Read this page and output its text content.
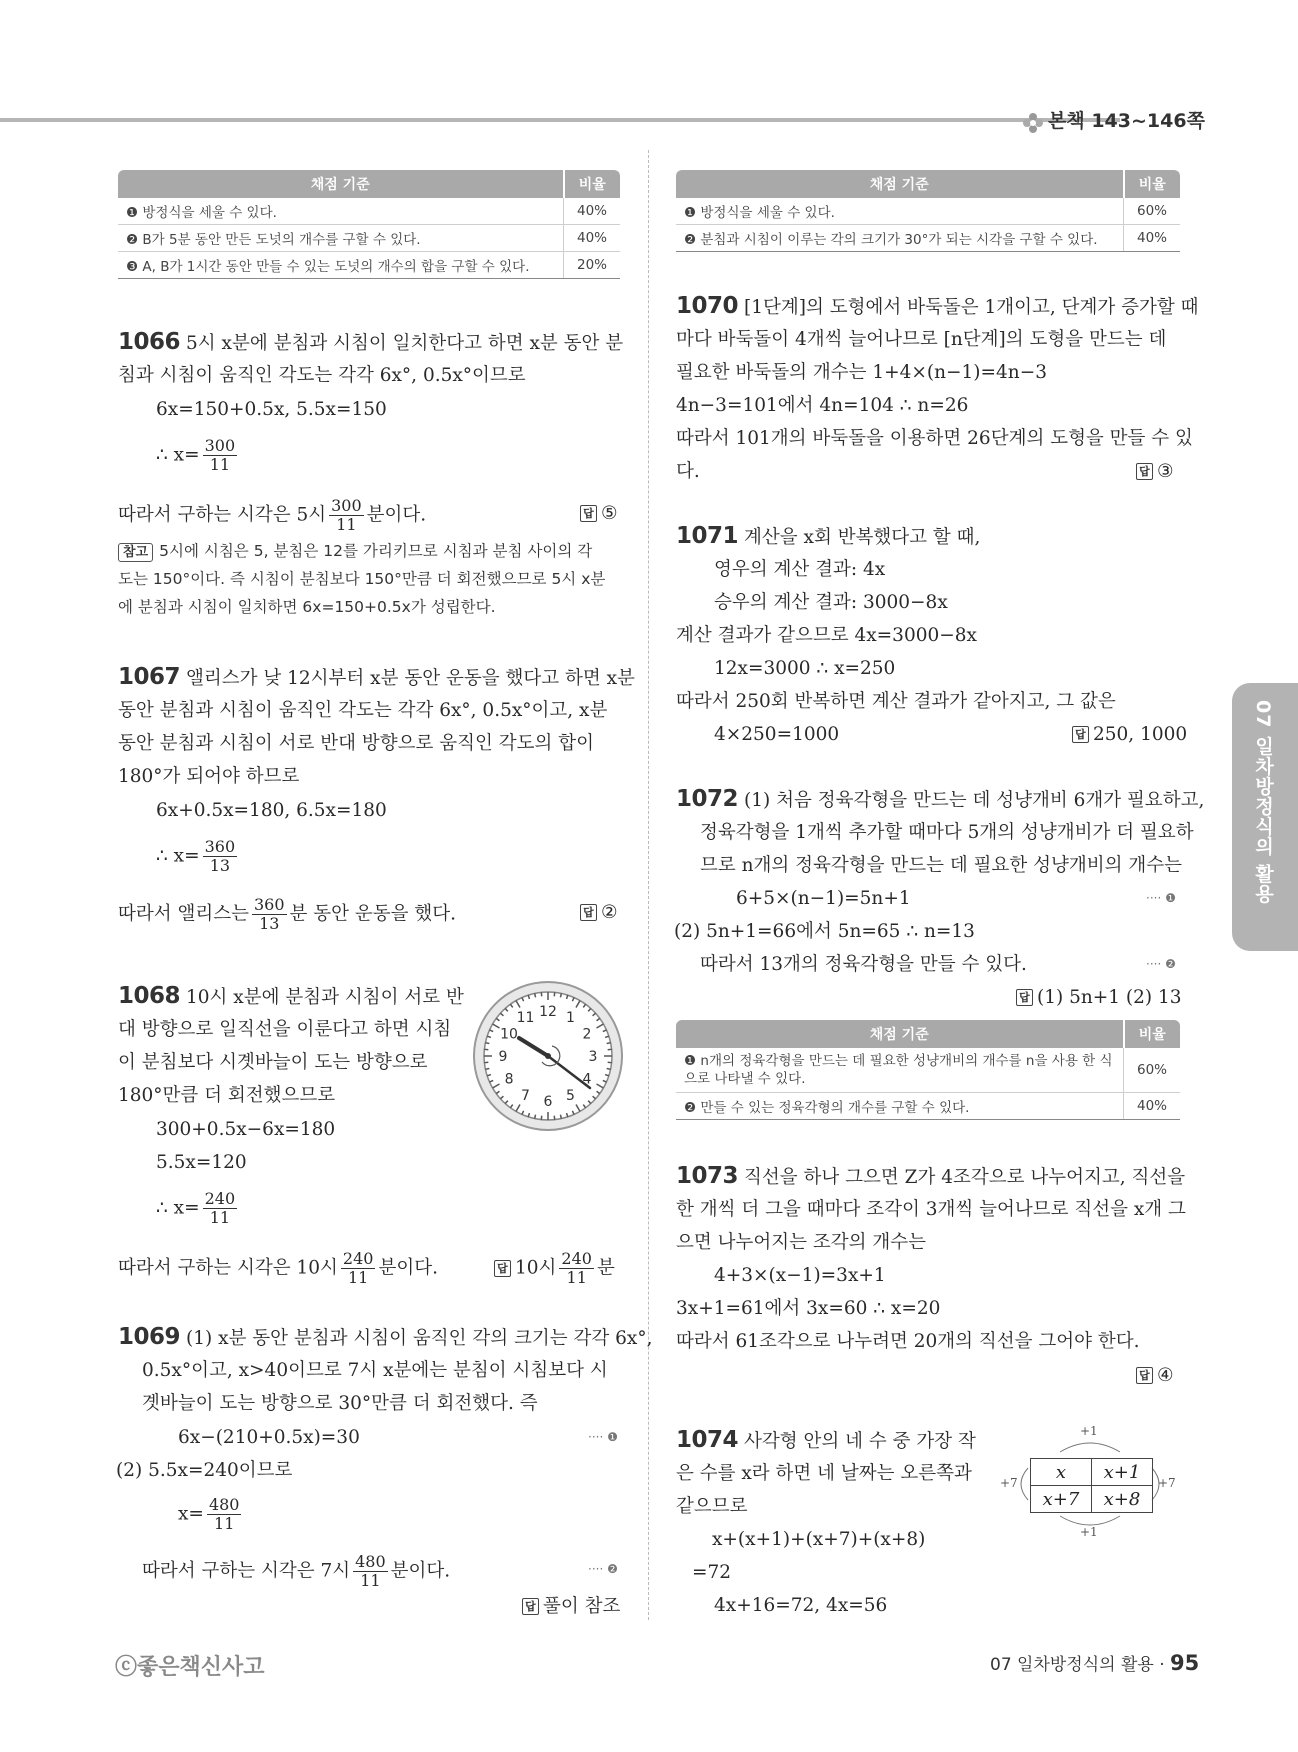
본책 143~146쪽
채점 기준	비율
❶ 방정식을 세울 수 있다.	40%
❷ B가 5분 동안 만든 도넛의 개수를 구할 수 있다.	40%
❸ A, B가 1시간 동안 만들 수 있는 도넛의 개수의 합을 구할 수 있다.	20%
채점 기준	비율
❶ 방정식을 세울 수 있다.	60%
❷ 분침과 시침이 이루는 각의 크기가 30°가 되는 시각을 구할 수 있다.	40%
1066 5시 x분에 분침과 시침이 일치한다고 하면 x분 동안 분
침과 시침이 움직인 각도는 각각 6x°, 0.5x°이므로
6x=150+0.5x, 5.5x=150
∴ $x= \frac{300}{11}$
따라서 구하는 시각은 5시 $\frac{300}{11}$ 분이다.	답 ⑤
참고 5시에 시침은 5, 분침은 12를 가리키므로 시침과 분침 사이의 각
도는 150°이다. 즉 시침이 분침보다 150°만큼 더 회전했으므로 5시 x분
에 분침과 시침이 일치하면 6x=150+0.5x가 성립한다.
1067 앨리스가 낮 12시부터 x분 동안 운동을 했다고 하면 x분
동안 분침과 시침이 움직인 각도는 각각 6x°, 0.5x°이고, x분
동안 분침과 시침이 서로 반대 방향으로 움직인 각도의 합이
180°가 되어야 하므로
6x+0.5x=180, 6.5x=180
∴ $x= \frac{360}{13}$
따라서 앨리스는 $\frac{360}{13}$ 분 동안 운동을 했다.	답 ②
1068 10시 x분에 분침과 시침이 서로 반
대 방향으로 일직선을 이룬다고 하면 시침
이 분침보다 시곗바늘이 도는 방향으로
180°만큼 더 회전했으므로
300+0.5x−6x=180
5.5x=120
∴ $x= \frac{240}{11}$
따라서 구하는 시각은 10시 $\frac{240}{11}$ 분이다.	답 10시 $\frac{240}{11}$ 분
12 1
2
3
4
5
6
7
8
9
10
11
1069 (1) x분 동안 분침과 시침이 움직인 각의 크기는 각각 6x°,
0.5x°이고, x>40이므로 7시 x분에는 분침이 시침보다 시
곗바늘이 도는 방향으로 30°만큼 더 회전했다. 즉
6x−(210+0.5x)=30	···· ❶
(2) 5.5x=240이므로
$x= \frac{480}{11}$
따라서 구하는 시각은 7시 $\frac{480}{11}$ 분이다.	···· ❷
답 풀이 참조
1070 [1단계]의 도형에서 바둑돌은 1개이고, 단계가 증가할 때
마다 바둑돌이 4개씩 늘어나므로 [n단계]의 도형을 만드는 데
필요한 바둑돌의 개수는 1+4×(n−1)=4n−3
4n−3=101에서 4n=104 ∴ n=26
따라서 101개의 바둑돌을 이용하면 26단계의 도형을 만들 수 있
다.	답 ③
1071 계산을 x회 반복했다고 할 때,
영우의 계산 결과: 4x
승우의 계산 결과: 3000−8x
계산 결과가 같으므로 4x=3000−8x
12x=3000 ∴ x=250
따라서 250회 반복하면 계산 결과가 같아지고, 그 값은
4×250=1000	답 250, 1000
1072 (1) 처음 정육각형을 만드는 데 성냥개비 6개가 필요하고,
정육각형을 1개씩 추가할 때마다 5개의 성냥개비가 더 필요하
므로 n개의 정육각형을 만드는 데 필요한 성냥개비의 개수는
6+5×(n−1)=5n+1	···· ❶
(2) 5n+1=66에서 5n=65 ∴ n=13
따라서 13개의 정육각형을 만들 수 있다.	···· ❷
답 (1) 5n+1 (2) 13
채점 기준	비율
❶ n개의 정육각형을 만드는 데 필요한 성냥개비의 개수를 n을 사용 한 식으로 나타낼 수 있다.	60%
❷ 만들 수 있는 정육각형의 개수를 구할 수 있다.	40%
1073 직선을 하나 그으면 Z가 4조각으로 나누어지고, 직선을
한 개씩 더 그을 때마다 조각이 3개씩 늘어나므로 직선을 x개 그
으면 나누어지는 조각의 개수는
4+3×(x−1)=3x+1
3x+1=61에서 3x=60 ∴ x=20
따라서 61조각으로 나누려면 20개의 직선을 그어야 한다.
답 ④
1074 사각형 안의 네 수 중 가장 작
은 수를 x라 하면 네 날짜는 오른쪽과
같으므로
x+(x+1)+(x+7)+(x+8)
=72
4x+16=72, 4x=56
+1
+1
+7	+7
x	x+1
x+7	x+8
07 일차방정식의 활용
ⓒ좋은책신사고	07 일차방정식의 활용 · 95
